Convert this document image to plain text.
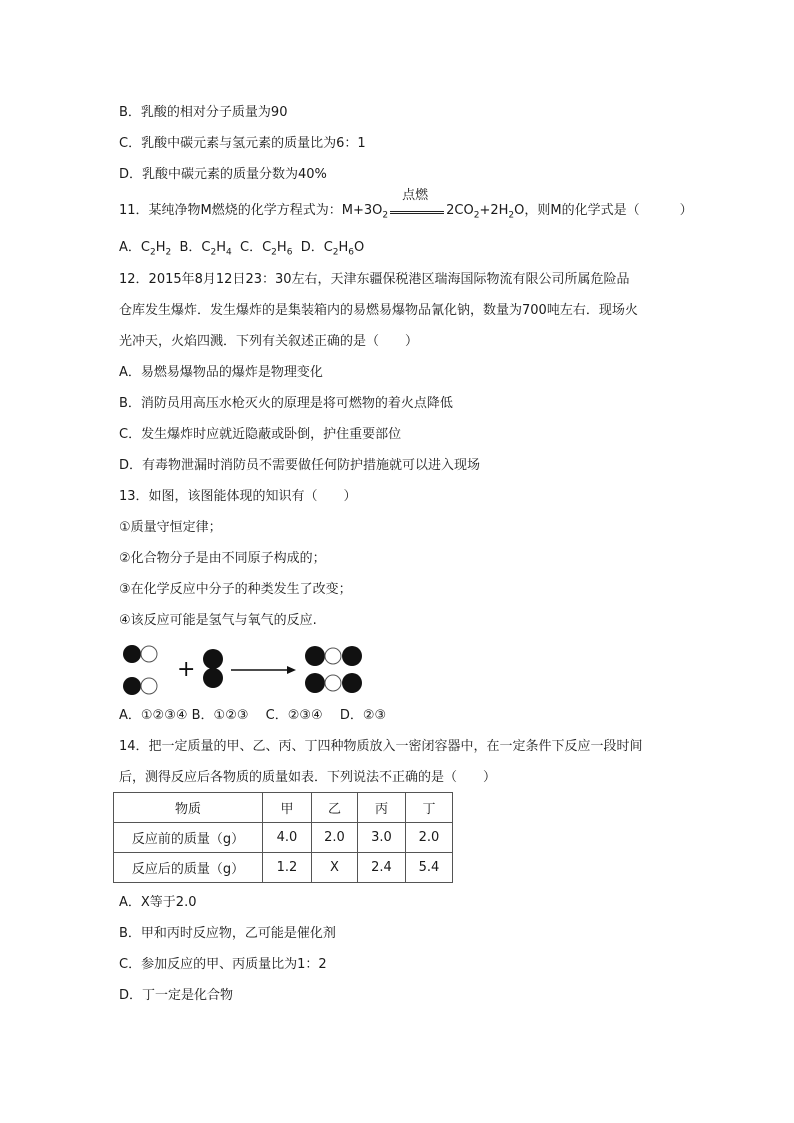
B．乳酸的相对分子质量为90
C．乳酸中碳元素与氢元素的质量比为6：1
D．乳酸中碳元素的质量分数为40%
11．某纯净物M燃烧的化学方程式为：$M+3O_2$
点燃
$2CO_2+2H_2O$，则M的化学式是（	）
A．$C_2H_2$ B．$C_2H_4$ C．$C_2H_6$ D．$C_2H_6O$
12．2015年8月12日23：30左右，天津东疆保税港区瑞海国际物流有限公司所属危险品
仓库发生爆炸．发生爆炸的是集装箱内的易燃易爆物品氰化钠，数量为700吨左右．现场火
光冲天，火焰四溅．下列有关叙述正确的是（　　）
A．易燃易爆物品的爆炸是物理变化
B．消防员用高压水枪灭火的原理是将可燃物的着火点降低
C．发生爆炸时应就近隐蔽或卧倒，护住重要部位
D．有毒物泄漏时消防员不需要做任何防护措施就可以进入现场
13．如图，该图能体现的知识有（　　）
①质量守恒定律；
②化合物分子是由不同原子构成的；
③在化学反应中分子的种类发生了改变；
④该反应可能是氢气与氧气的反应.
+
A．①②③④ B．①②③　 C．②③④　 D．②③
14．把一定质量的甲、乙、丙、丁四种物质放入一密闭容器中，在一定条件下反应一段时间
后，测得反应后各物质的质量如表．下列说法不正确的是（　　）
物质	甲	乙	丙	丁
反应前的质量（g）	4.0	2.0	3.0	2.0
反应后的质量（g）	1.2	X	2.4	5.4
A．X等于2.0
B．甲和丙时反应物，乙可能是催化剂
C．参加反应的甲、丙质量比为1：2
D．丁一定是化合物
